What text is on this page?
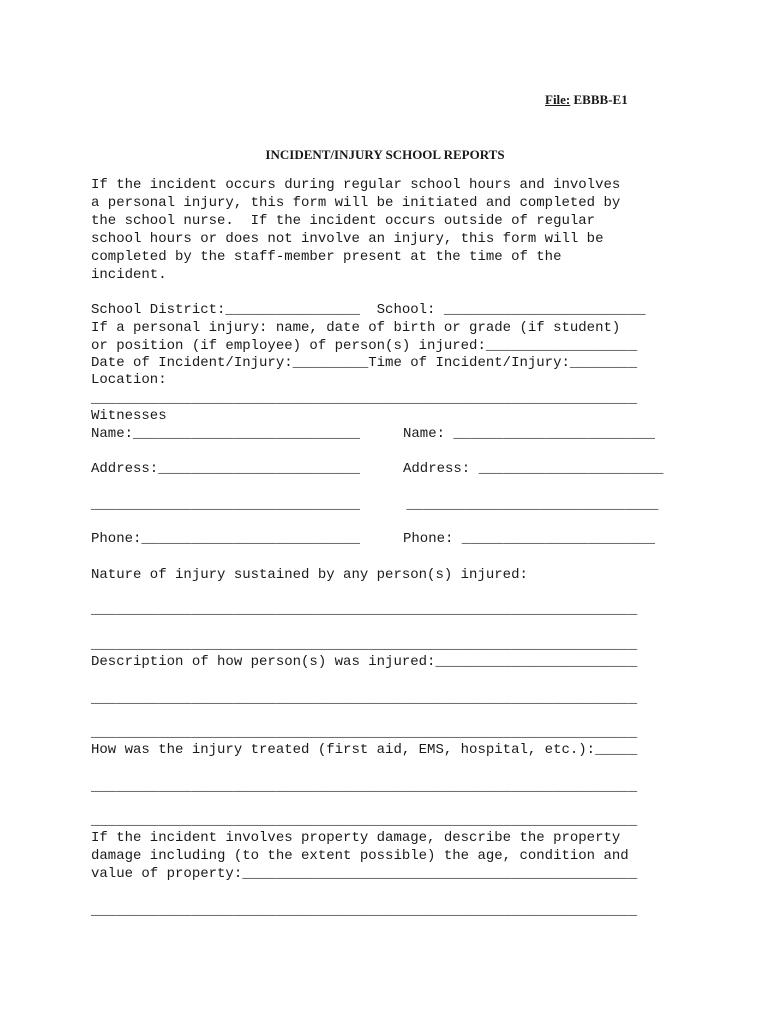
File: EBBB-E1
INCIDENT/INJURY SCHOOL REPORTS

If the incident occurs during regular school hours and involves

a personal injury, this form will be initiated and completed by

the school nurse.  If the incident occurs outside of regular

school hours or does not involve an injury, this form will be

completed by the staff-member present at the time of the

incident.

School District:________________  School: ________________________

If a personal injury: name, date of birth or grade (if student)

or position (if employee) of person(s) injured:__________________

Date of Incident/Injury:_________Time of Incident/Injury:________

Location:

_________________________________________________________________

Witnesses

Name:___________________________	Name: ________________________

Address:________________________	Address: ______________________

________________________________	______________________________

Phone:__________________________	Phone: _______________________

Nature of injury sustained by any person(s) injured:

_________________________________________________________________

_________________________________________________________________

Description of how person(s) was injured:________________________

_________________________________________________________________

_________________________________________________________________

How was the injury treated (first aid, EMS, hospital, etc.):_____

_________________________________________________________________

_________________________________________________________________

If the incident involves property damage, describe the property

damage including (to the extent possible) the age, condition and

value of property:_______________________________________________

_________________________________________________________________
